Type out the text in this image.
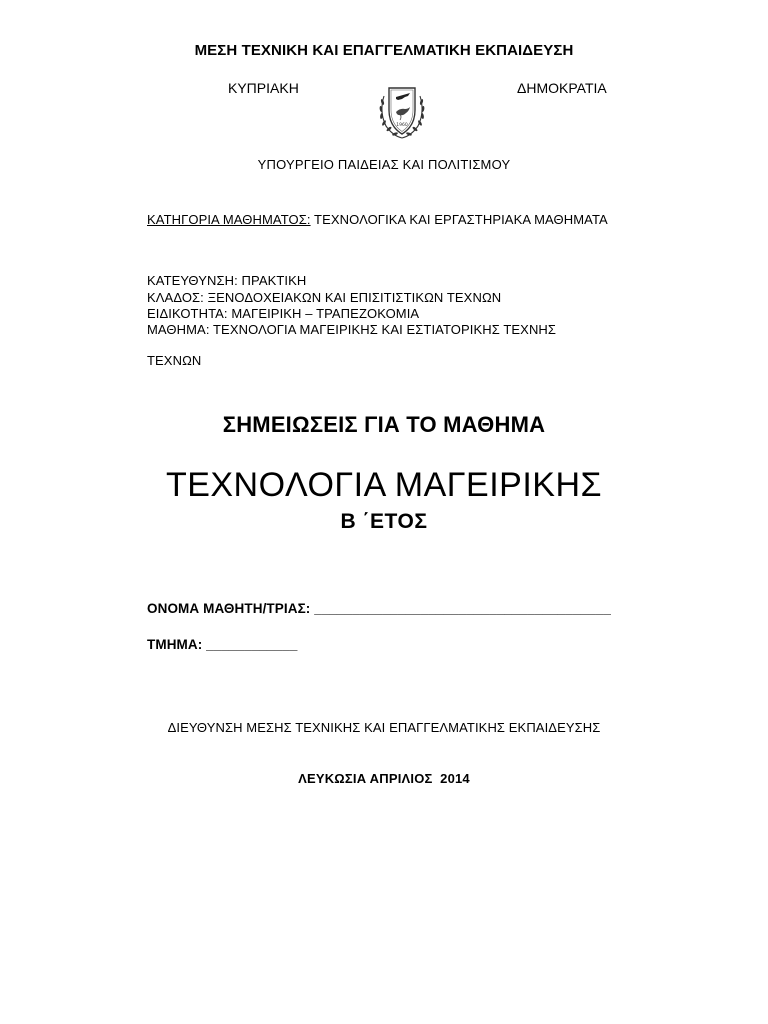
ΜΕΣΗ ΤΕΧΝΙΚΗ ΚΑΙ ΕΠΑΓΓΕΛΜΑΤΙΚΗ ΕΚΠΑΙΔΕΥΣΗ
ΚΥΠΡΙΑΚΗ
1960
ΔΗΜΟΚΡΑΤΙΑ
ΥΠΟΥΡΓΕΙΟ ΠΑΙΔΕΙΑΣ ΚΑΙ ΠΟΛΙΤΙΣΜΟΥ
ΚΑΤΗΓΟΡΙΑ ΜΑΘΗΜΑΤΟΣ: ΤΕΧΝΟΛΟΓΙΚΑ ΚΑΙ ΕΡΓΑΣΤΗΡΙΑΚΑ ΜΑΘΗΜΑΤΑ
ΚΑΤΕΥΘΥΝΣΗ: ΠΡΑΚΤΙΚΗ
ΚΛΑΔΟΣ: ΞΕΝΟΔΟΧΕΙΑΚΩΝ ΚΑΙ ΕΠΙΣΙΤΙΣΤΙΚΩΝ ΤΕΧΝΩΝ
ΕΙΔΙΚΟΤΗΤΑ: ΜΑΓΕΙΡΙΚΗ – ΤΡΑΠΕΖΟΚΟΜΙΑ
ΜΑΘΗΜΑ: ΤΕΧΝΟΛΟΓΙΑ ΜΑΓΕΙΡΙΚΗΣ ΚΑΙ ΕΣΤΙΑΤΟΡΙΚΗΣ ΤΕΧΝΗΣ
ΤΕΧΝΩΝ
ΣΗΜΕΙΩΣΕΙΣ ΓΙΑ ΤΟ ΜΑΘΗΜΑ
ΤΕΧΝΟΛΟΓΙΑ ΜΑΓΕΙΡΙΚΗΣ
Β ΄ΕΤΟΣ
ΟΝΟΜΑ ΜΑΘΗΤΗ/ΤΡΙΑΣ: _______________________________________
ΤΜΗΜΑ: ____________
ΔΙΕΥΘΥΝΣΗ ΜΕΣΗΣ ΤΕΧΝΙΚΗΣ ΚΑΙ ΕΠΑΓΓΕΛΜΑΤΙΚΗΣ ΕΚΠΑΙΔΕΥΣΗΣ
ΛΕΥΚΩΣΙΑ ΑΠΡΙΛΙΟΣ  2014
